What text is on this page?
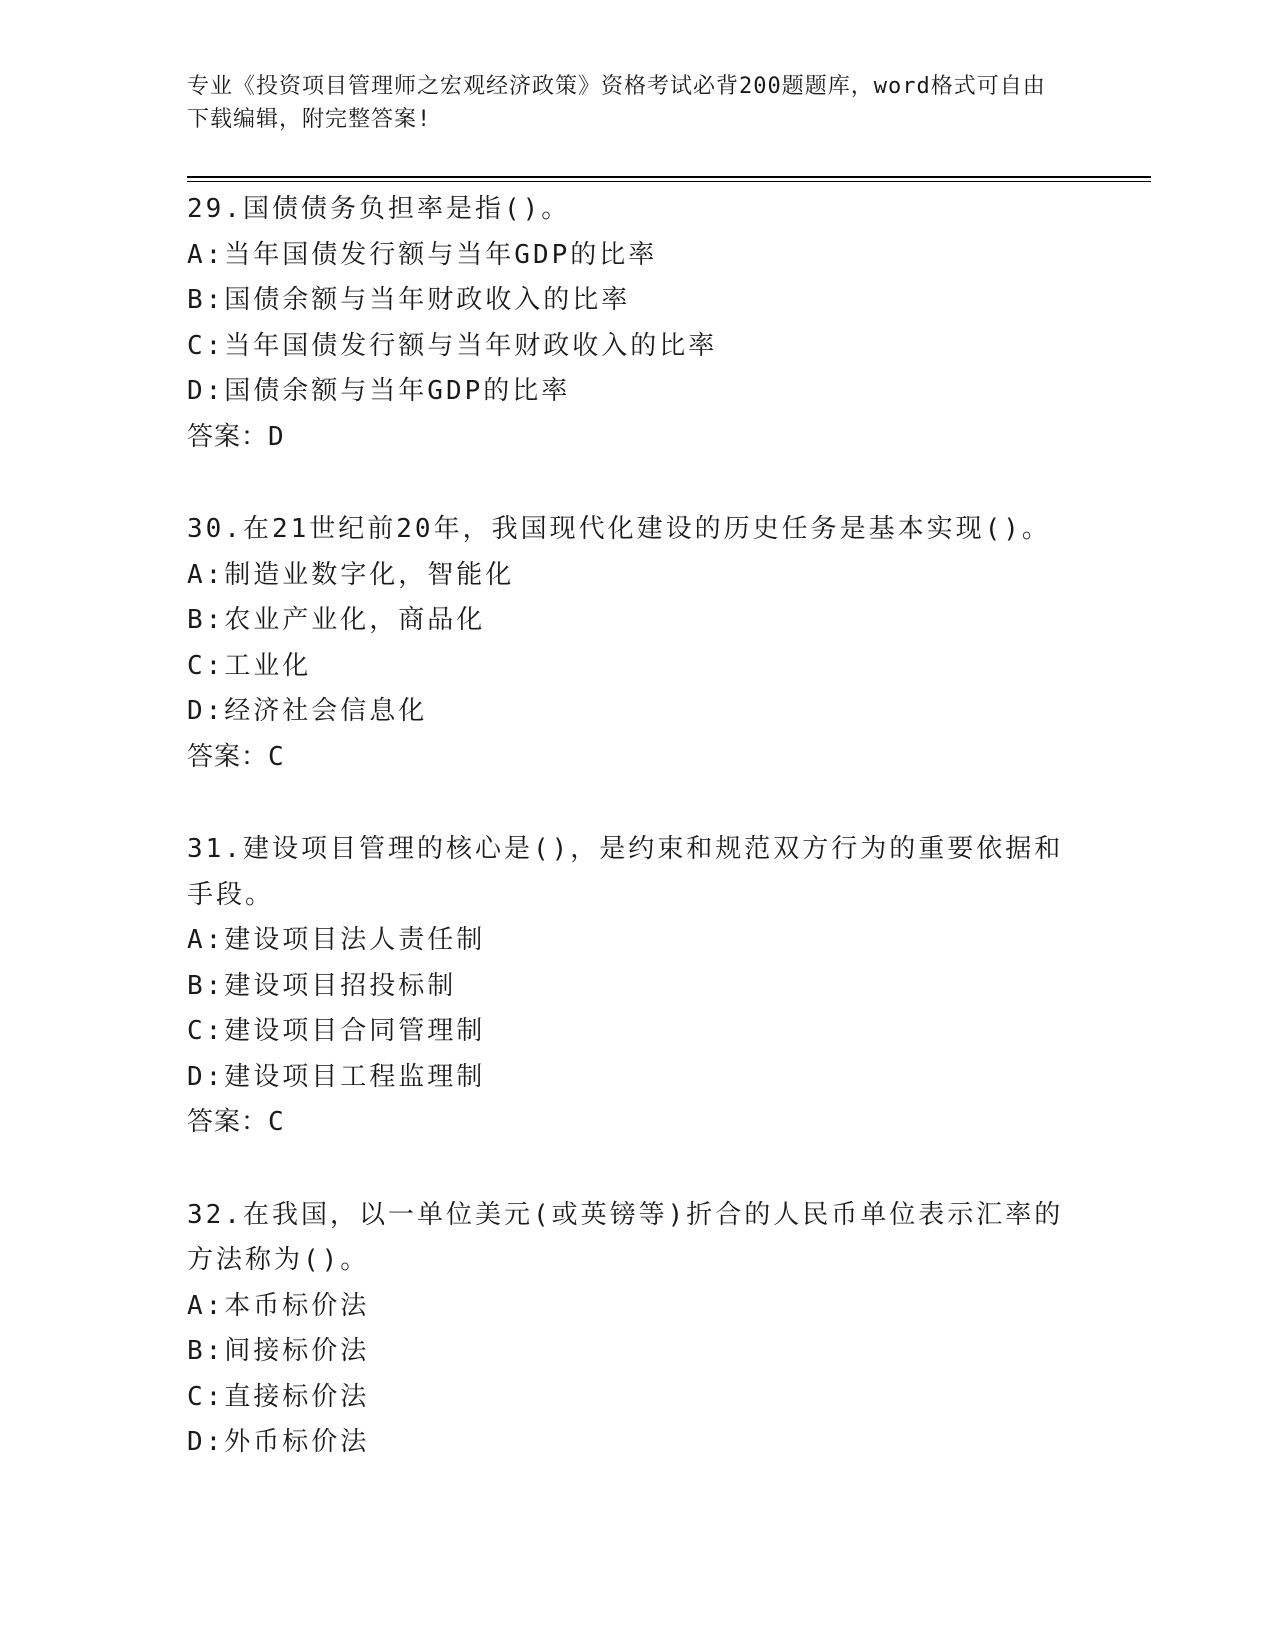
专业《投资项目管理师之宏观经济政策》资格考试必背200题题库，word格式可自由下载编辑，附完整答案!
29.国债债务负担率是指()。
A:当年国债发行额与当年GDP的比率
B:国债余额与当年财政收入的比率
C:当年国债发行额与当年财政收入的比率
D:国债余额与当年GDP的比率
答案：D
30.在21世纪前20年，我国现代化建设的历史任务是基本实现()。
A:制造业数字化，智能化
B:农业产业化，商品化
C:工业化
D:经济社会信息化
答案：C
31.建设项目管理的核心是()，是约束和规范双方行为的重要依据和手段。
A:建设项目法人责任制
B:建设项目招投标制
C:建设项目合同管理制
D:建设项目工程监理制
答案：C
32.在我国，以一单位美元(或英镑等)折合的人民币单位表示汇率的方法称为()。
A:本币标价法
B:间接标价法
C:直接标价法
D:外币标价法
